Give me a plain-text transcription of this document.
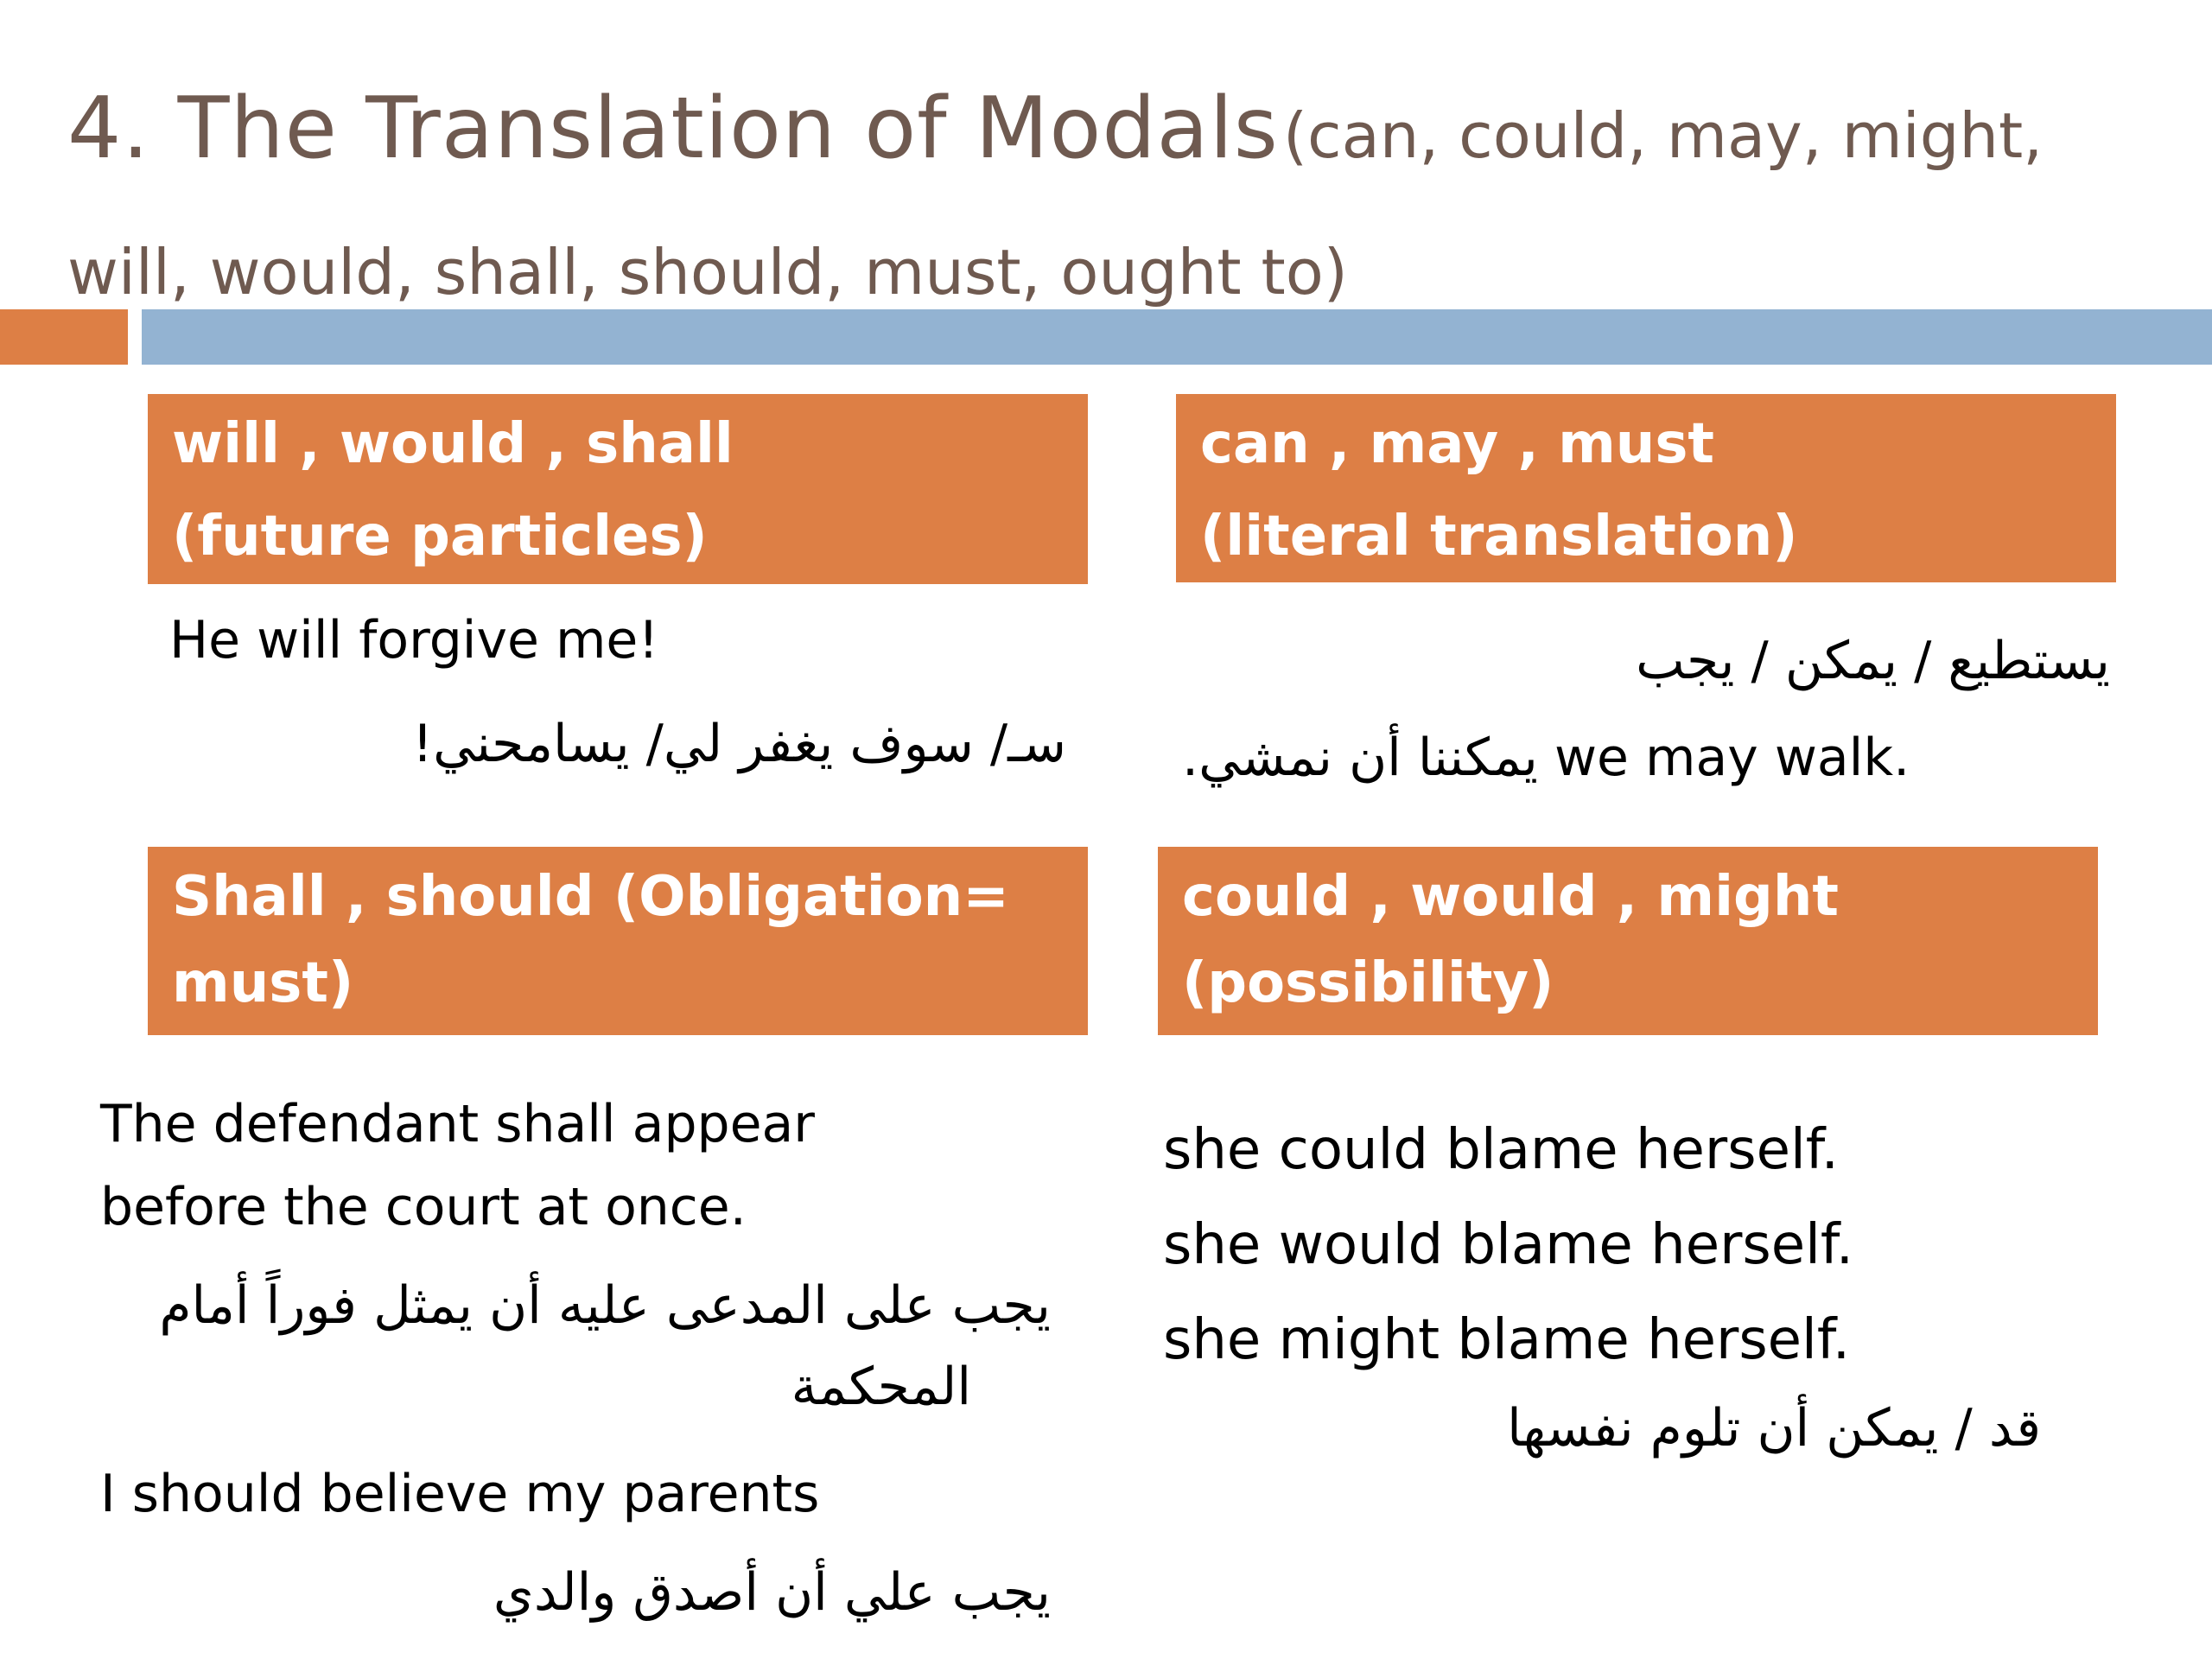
4. The Translation of Modals (can, could, may, might,
will, would, shall, should, must, ought to)
will , would , shall
(future particles)
can , may , must
(literal translation)
Shall , should (Obligation=
must)
could , would , might
(possibility)
He will forgive me!
سـ/ سوف يغفر لي/ يسامحني!
يستطيع / يمكن / يجب
يمكننا أن نمشي. we may walk.
The defendant shall appear
before the court at once.
يجب على المدعى عليه أن يمثل فوراً أمام
المحكمة
I should believe my parents
يجب علي أن أصدق والدي
she could blame herself.
she would blame herself.
she might blame herself.
قد / يمكن أن تلوم نفسها
